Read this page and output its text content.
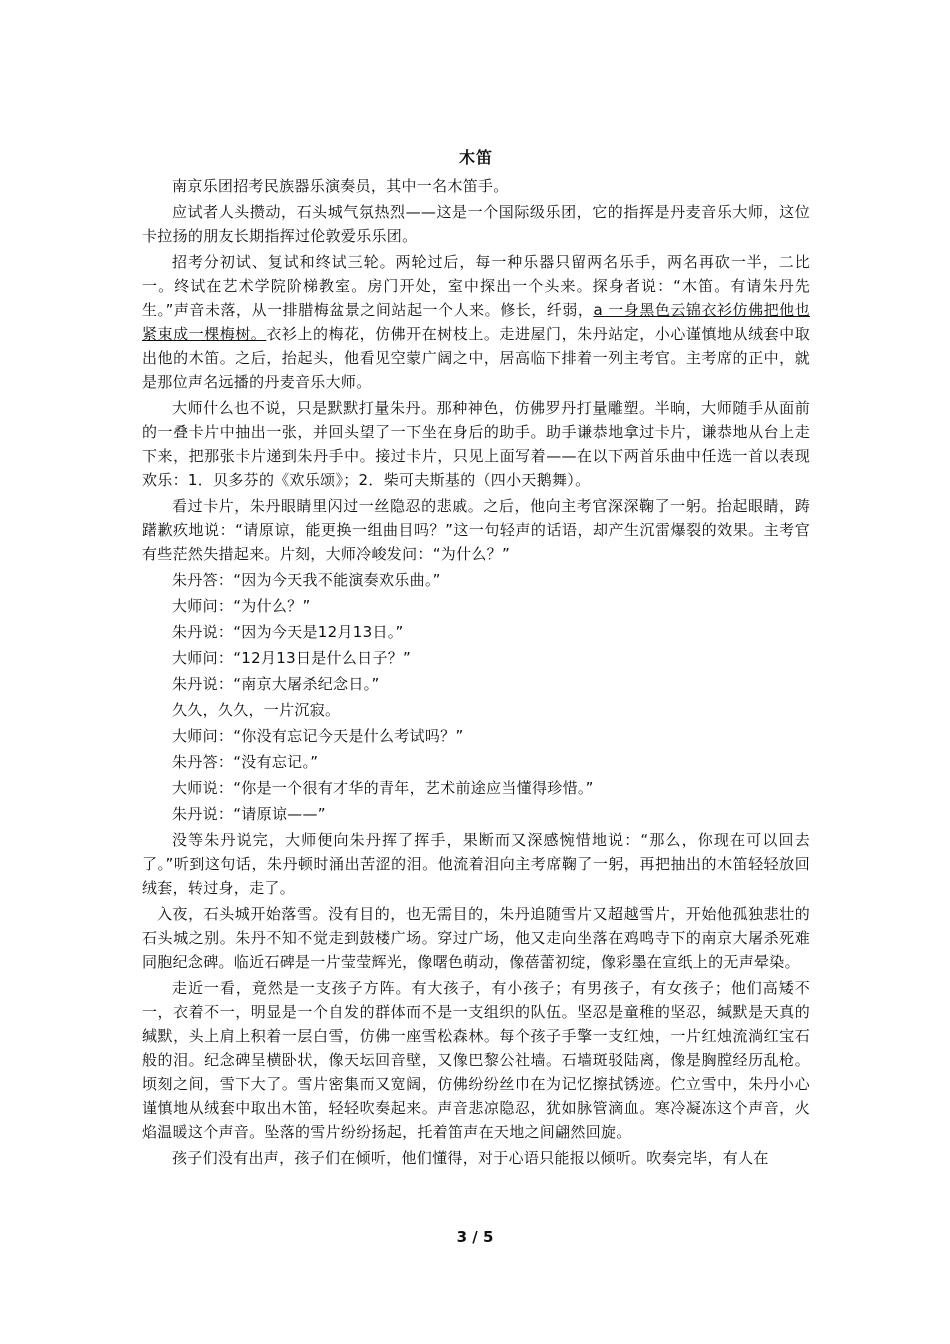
木笛

南京乐团招考民族器乐演奏员，其中一名木笛手。

应试者人头攒动，石头城气氛热烈——这是一个国际级乐团，它的指挥是丹麦音乐大师，这位卡拉扬的朋友长期指挥过伦敦爱乐乐团。

招考分初试、复试和终试三轮。两轮过后，每一种乐器只留两名乐手，两名再砍一半，二比一。终试在艺术学院阶梯教室。房门开处，室中探出一个头来。探身者说：“木笛。有请朱丹先生。”声音未落，从一排腊梅盆景之间站起一个人来。修长，纤弱，a 一身黑色云锦衣衫仿佛把他也紧束成一棵梅树。衣衫上的梅花，仿佛开在树枝上。走进屋门，朱丹站定，小心谨慎地从绒套中取出他的木笛。之后，抬起头，他看见空蒙广阔之中，居高临下排着一列主考官。主考席的正中，就是那位声名远播的丹麦音乐大师。

大师什么也不说，只是默默打量朱丹。那种神色，仿佛罗丹打量雕塑。半晌，大师随手从面前的一叠卡片中抽出一张，并回头望了一下坐在身后的助手。助手谦恭地拿过卡片，谦恭地从台上走下来，把那张卡片递到朱丹手中。接过卡片，只见上面写着——在以下两首乐曲中任选一首以表现欢乐：1．贝多芬的《欢乐颂》；2．柴可夫斯基的（四小天鹅舞）。

看过卡片，朱丹眼睛里闪过一丝隐忍的悲戚。之后，他向主考官深深鞠了一躬。抬起眼睛，踌躇歉疚地说：“请原谅，能更换一组曲目吗？”这一句轻声的话语，却产生沉雷爆裂的效果。主考官有些茫然失措起来。片刻，大师冷峻发问：“为什么？”

朱丹答：“因为今天我不能演奏欢乐曲。”

大师问：“为什么？”

朱丹说：“因为今天是12月13日。”

大师问：“12月13日是什么日子？”

朱丹说：“南京大屠杀纪念日。”

久久，久久，一片沉寂。

大师问：“你没有忘记今天是什么考试吗？”

朱丹答：“没有忘记。”

大师说：“你是一个很有才华的青年，艺术前途应当懂得珍惜。”

朱丹说：“请原谅——”

没等朱丹说完，大师便向朱丹挥了挥手，果断而又深感惋惜地说：“那么，你现在可以回去了。”听到这句话，朱丹顿时涌出苦涩的泪。他流着泪向主考席鞠了一躬，再把抽出的木笛轻轻放回绒套，转过身，走了。

入夜，石头城开始落雪。没有目的，也无需目的，朱丹追随雪片又超越雪片，开始他孤独悲壮的石头城之别。朱丹不知不觉走到鼓楼广场。穿过广场，他又走向坐落在鸡鸣寺下的南京大屠杀死难同胞纪念碑。临近石碑是一片莹莹辉光，像曙色萌动，像蓓蕾初绽，像彩墨在宣纸上的无声晕染。

走近一看，竟然是一支孩子方阵。有大孩子，有小孩子；有男孩子，有女孩子；他们高矮不一，衣着不一，明显是一个自发的群体而不是一支组织的队伍。坚忍是童稚的坚忍，缄默是天真的缄默，头上肩上积着一层白雪，仿佛一座雪松森林。每个孩子手擎一支红烛，一片红烛流淌红宝石般的泪。纪念碑呈横卧状，像天坛回音壁，又像巴黎公社墙。石墙斑驳陆离，像是胸膛经历乱枪。顷刻之间，雪下大了。雪片密集而又宽阔，仿佛纷纷丝巾在为记忆擦拭锈迹。伫立雪中，朱丹小心谨慎地从绒套中取出木笛，轻轻吹奏起来。声音悲凉隐忍，犹如脉管滴血。寒冷凝冻这个声音，火焰温暖这个声音。坠落的雪片纷纷扬起，托着笛声在天地之间翩然回旋。

孩子们没有出声，孩子们在倾听，他们懂得，对于心语只能报以倾听。吹奏完毕，有人在

3 / 5
